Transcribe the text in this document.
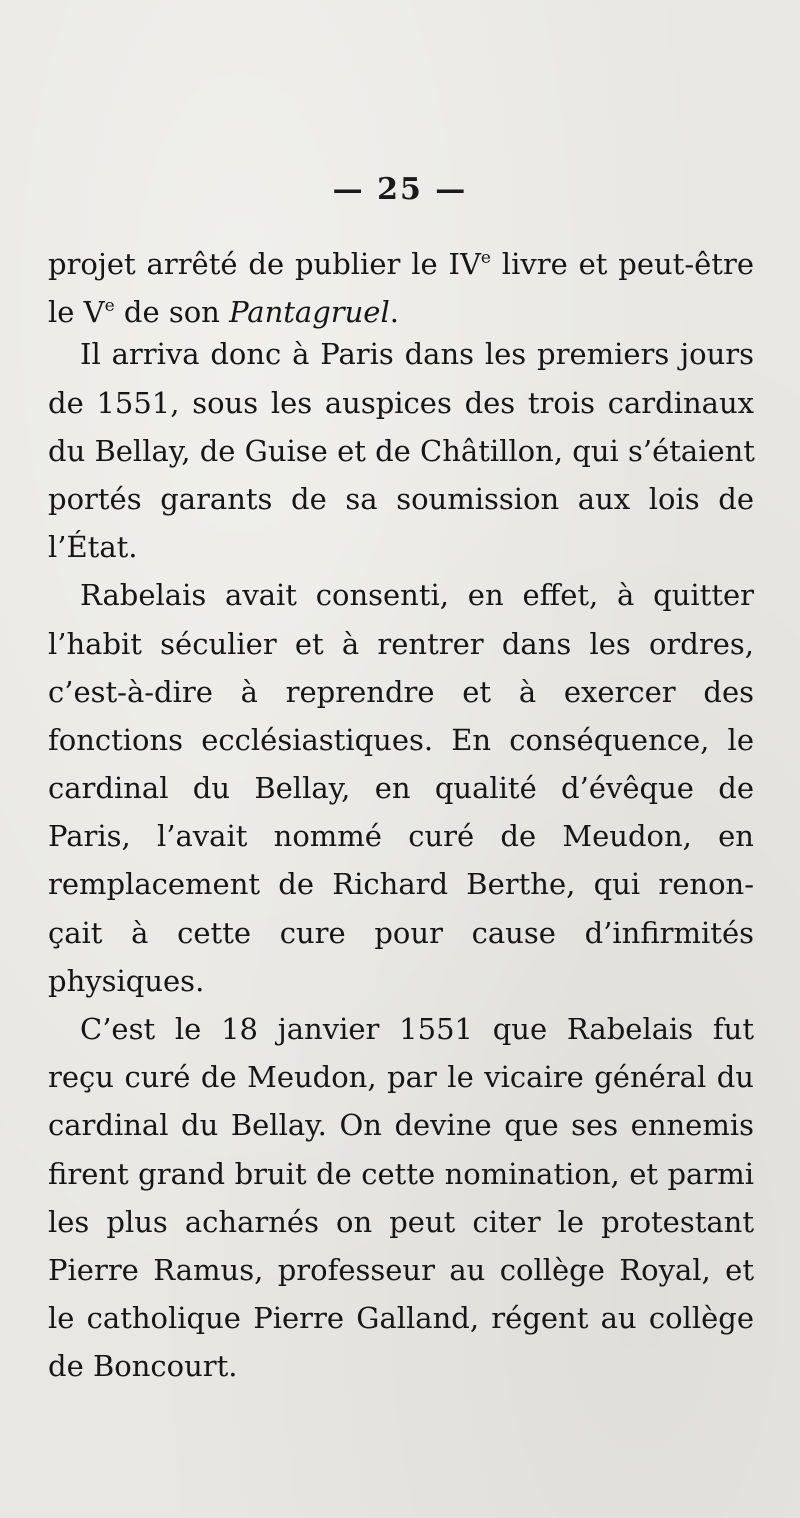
— 25 —
projet arrêté de publier le IVe livre et peut-être
le Ve de son Pantagruel.
Il arriva donc à Paris dans les premiers jours
de 1551, sous les auspices des trois cardinaux
du Bellay, de Guise et de Châtillon, qui s’étaient
portés garants de sa soumission aux lois de
l’État.
Rabelais avait consenti, en effet, à quitter
l’habit séculier et à rentrer dans les ordres,
c’est-à-dire à reprendre et à exercer des
fonctions ecclésiastiques. En conséquence, le
cardinal du Bellay, en qualité d’évêque de
Paris, l’avait nommé curé de Meudon, en
remplacement de Richard Berthe, qui renon-
çait à cette cure pour cause d’infirmités
physiques.
C’est le 18 janvier 1551 que Rabelais fut
reçu curé de Meudon, par le vicaire général du
cardinal du Bellay. On devine que ses ennemis
firent grand bruit de cette nomination, et parmi
les plus acharnés on peut citer le protestant
Pierre Ramus, professeur au collège Royal, et
le catholique Pierre Galland, régent au collège
de Boncourt.
